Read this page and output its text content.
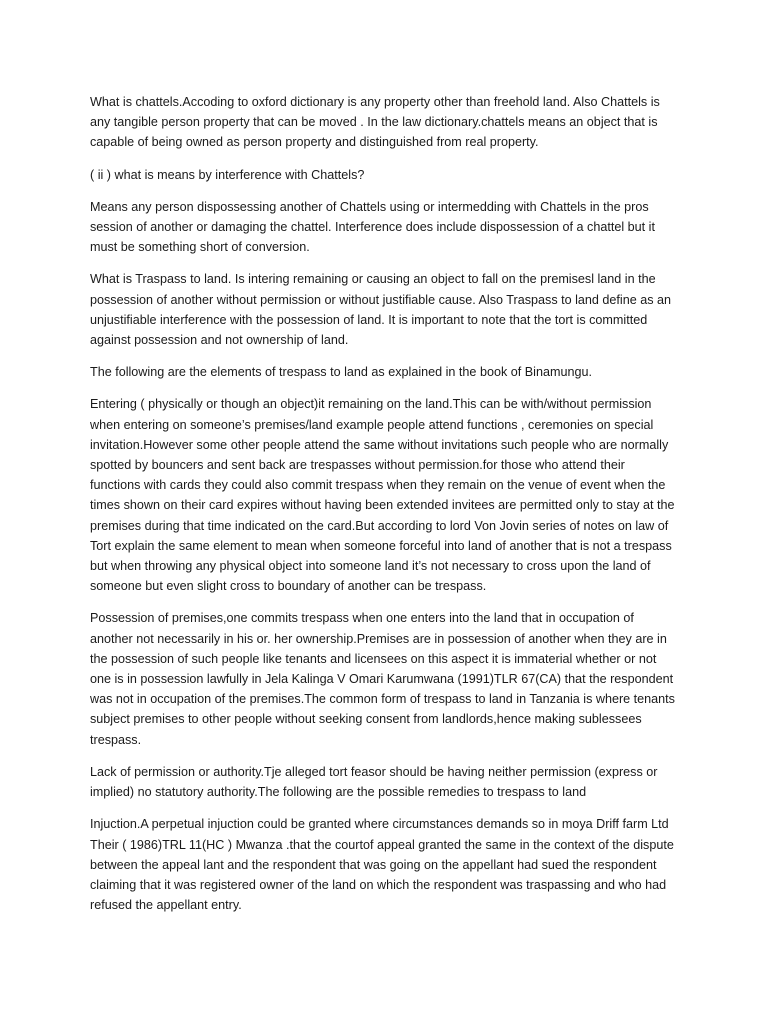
What is chattels.Accoding to oxford dictionary is any property other than freehold land. Also Chattels is any tangible person property that can be moved . In the law dictionary.chattels means an object that is capable of being owned as person property and distinguished from real property.

( ii ) what is means by interference with Chattels?

Means any person dispossessing another of Chattels using or intermedding with Chattels in the pros session of another or damaging the chattel. Interference does include dispossession of a chattel but it must be something short of conversion.

What is Traspass to land. Is intering remaining or causing an object to fall on the premisesl land in the possession of another without permission or without justifiable cause. Also Traspass to land define as an unjustifiable interference with the possession of land. It is important to note that the tort is committed against possession and not ownership of land.

The following are the elements of trespass to land as explained in the book of Binamungu.

Entering ( physically or though an object)it remaining on the land.This can be with/without permission when entering on someone’s premises/land example people attend functions , ceremonies on special invitation.However some other people attend the same without invitations such people who are normally spotted by bouncers and sent back are trespasses without permission.for those who attend their functions with cards they could also commit trespass when they remain on the venue of event when the times shown on their card expires without having been extended invitees are permitted only to stay at the premises during that time indicated on the card.But according to lord Von Jovin series of notes on law of Tort explain the same element to mean when someone forceful into land of another that is not a trespass but when throwing any physical object into someone land it’s not necessary to cross upon the land of someone but even slight cross to boundary of another can be trespass.

Possession of premises,one commits trespass when one enters into the land that in occupation of another not necessarily in his or. her ownership.Premises are in possession of another when they are in the possession of such people like tenants and licensees on this aspect it is immaterial whether or not one is in possession lawfully in Jela Kalinga V Omari Karumwana (1991)TLR 67(CA) that the respondent was not in occupation of the premises.The common form of trespass to land in Tanzania is where tenants subject premises to other people without seeking consent from landlords,hence making sublessees trespass.

Lack of permission or authority.Tje alleged tort feasor should be having neither permission (express or implied) no statutory authority.The following are the possible remedies to trespass to land

Injuction.A perpetual injuction could be granted where circumstances demands so in moya Driff farm Ltd Their ( 1986)TRL 11(HC ) Mwanza .that the courtof appeal granted the same in the context of the dispute between the appeal lant and the respondent that was going on the appellant had sued the respondent claiming that it was registered owner of the land on which the respondent was traspassing and who had refused the appellant entry.
